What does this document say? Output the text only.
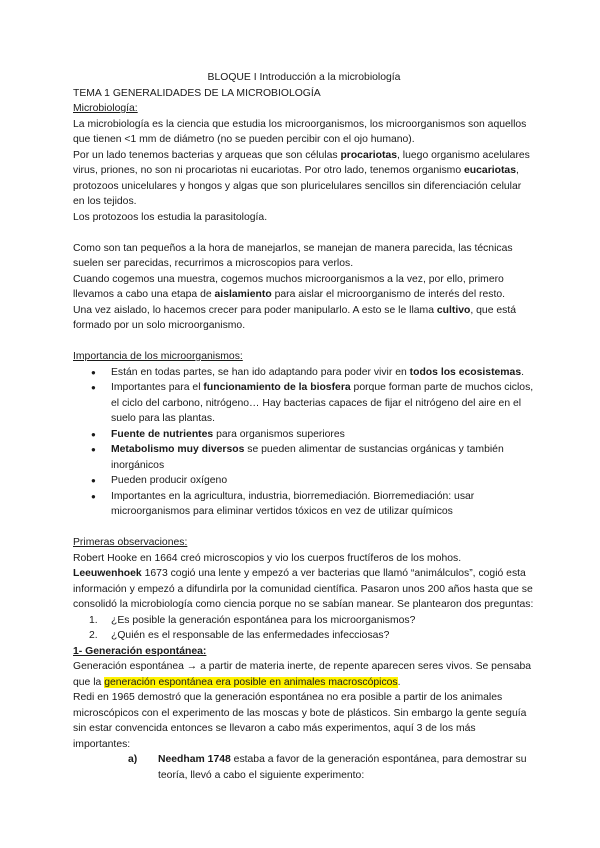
BLOQUE I Introducción a la microbiología

TEMA 1 GENERALIDADES DE LA MICROBIOLOGÍA

Microbiología:

La microbiología es la ciencia que estudia los microorganismos, los microorganismos son aquellos que tienen <1 mm de diámetro (no se pueden percibir con el ojo humano).

Por un lado tenemos bacterias y arqueas que son células procariotas, luego organismo acelulares virus, priones, no son ni procariotas ni eucariotas. Por otro lado, tenemos organismo eucariotas, protozoos unicelulares y hongos y algas que son pluricelulares sencillos sin diferenciación celular en los tejidos.

Los protozoos los estudia la parasitología.

Como son tan pequeños a la hora de manejarlos, se manejan de manera parecida, las técnicas suelen ser parecidas, recurrimos a microscopios para verlos.

Cuando cogemos una muestra, cogemos muchos microorganismos a la vez, por ello, primero llevamos a cabo una etapa de aislamiento para aislar el microorganismo de interés del resto.

Una vez aislado, lo hacemos crecer para poder manipularlo. A esto se le llama cultivo, que está formado por un solo microorganismo.

Importancia de los microorganismos:

● Están en todas partes, se han ido adaptando para poder vivir en todos los ecosistemas.
● Importantes para el funcionamiento de la biosfera porque forman parte de muchos ciclos, el ciclo del carbono, nitrógeno… Hay bacterias capaces de fijar el nitrógeno del aire en el suelo para las plantas.
● Fuente de nutrientes para organismos superiores
● Metabolismo muy diversos se pueden alimentar de sustancias orgánicas y también inorgánicos
● Pueden producir oxígeno
● Importantes en la agricultura, industria, biorremediación. Biorremediación: usar microorganismos para eliminar vertidos tóxicos en vez de utilizar químicos

Primeras observaciones:

Robert Hooke en 1664 creó microscopios y vio los cuerpos fructíferos de los mohos.

Leeuwenhoek 1673 cogió una lente y empezó a ver bacterias que llamó “animálculos”, cogió esta información y empezó a difundirla por la comunidad científica. Pasaron unos 200 años hasta que se consolidó la microbiología como ciencia porque no se sabían manear. Se plantearon dos preguntas:

1. ¿Es posible la generación espontánea para los microorganismos?
2. ¿Quién es el responsable de las enfermedades infecciosas?

1- Generación espontánea:

Generación espontánea → a partir de materia inerte, de repente aparecen seres vivos. Se pensaba que la generación espontánea era posible en animales macroscópicos.

Redi en 1965 demostró que la generación espontánea no era posible a partir de los animales microscópicos con el experimento de las moscas y bote de plásticos. Sin embargo la gente seguía sin estar convencida entonces se llevaron a cabo más experimentos, aquí 3 de los más importantes:

a) Needham 1748 estaba a favor de la generación espontánea, para demostrar su teoría, llevó a cabo el siguiente experimento:
